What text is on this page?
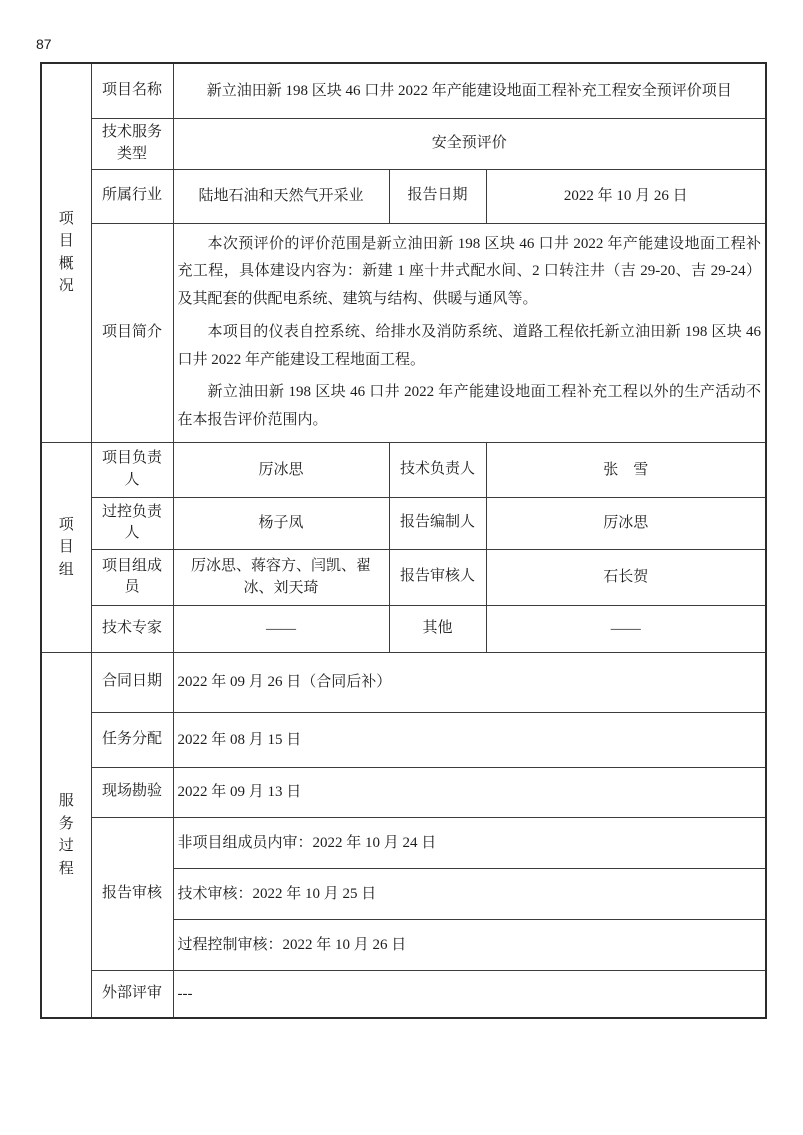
87
项目概况	项目名称	新立油田新 198 区块 46 口井 2022 年产能建设地面工程补充工程安全预评价项目		
	技术服务类型	安全预评价		
	所属行业	陆地石油和天然气开采业	报告日期	2022 年 10 月 26 日
	项目简介	本次预评价的评价范围是新立油田新 198 区块 46 口井 2022 年产能建设地面工程补充工程，具体建设内容为：新建 1 座十井式配水间、2 口转注井（吉 29-20、吉 29-24）及其配套的供配电系统、建筑与结构、供暖与通风等。

本项目的仪表自控系统、给排水及消防系统、道路工程依托新立油田新 198 区块 46 口井 2022 年产能建设工程地面工程。

新立油田新 198 区块 46 口井 2022 年产能建设地面工程补充工程以外的生产活动不在本报告评价范围内。		

项目组	项目负责人	厉冰思	技术负责人	张　雪
	过控负责人	杨子凤	报告编制人	厉冰思
	项目组成员	厉冰思、蒋容方、闫凯、翟冰、刘天琦	报告审核人	石长贺
	技术专家	——	其他	——

服务过程	合同日期	2022 年 09 月 26 日（合同后补）		
	任务分配	2022 年 08 月 15 日		
	现场勘验	2022 年 09 月 13 日		
	报告审核	非项目组成员内审：2022 年 10 月 24 日		
		技术审核：2022 年 10 月 25 日		
		过程控制审核：2022 年 10 月 26 日		
	外部评审	---		
